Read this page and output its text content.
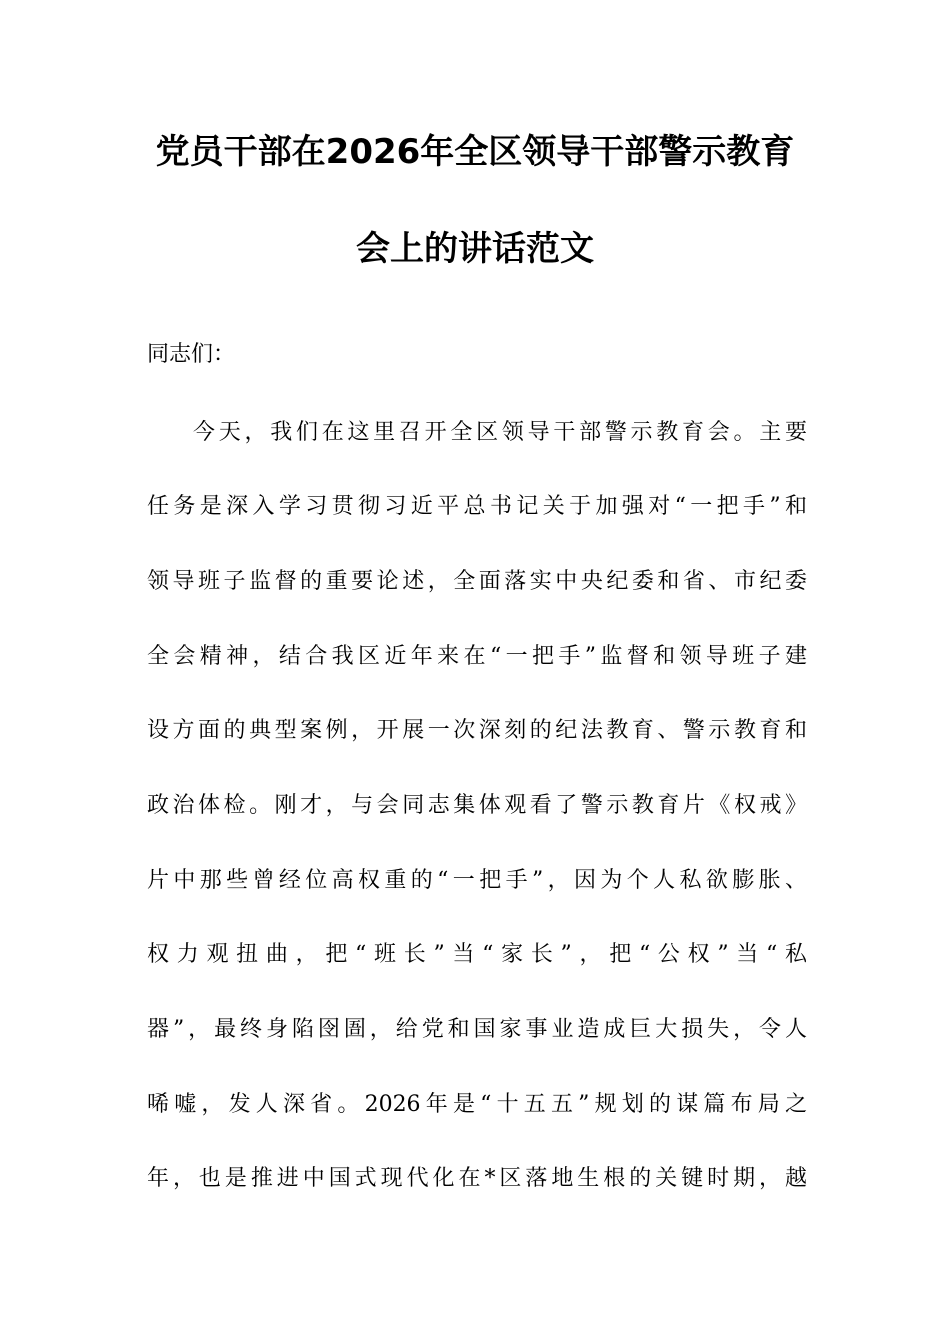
党员干部在2026年全区领导干部警示教育
会上的讲话范文
同志们：
今天，我们在这里召开全区领导干部警示教育会。主要
任务是深入学习贯彻习近平总书记关于加强对“一把手”和
领导班子监督的重要论述，全面落实中央纪委和省、市纪委
全会精神，结合我区近年来在“一把手”监督和领导班子建
设方面的典型案例，开展一次深刻的纪法教育、警示教育和
政治体检。刚才，与会同志集体观看了警示教育片《权戒》
片中那些曾经位高权重的“一把手”，因为个人私欲膨胀、
权力观扭曲，把“班长”当“家长”，把“公权”当“私
器”，最终身陷囹圄，给党和国家事业造成巨大损失，令人
唏嘘，发人深省。2026年是“十五五”规划的谋篇布局之
年，也是推进中国式现代化在*区落地生根的关键时期，越
